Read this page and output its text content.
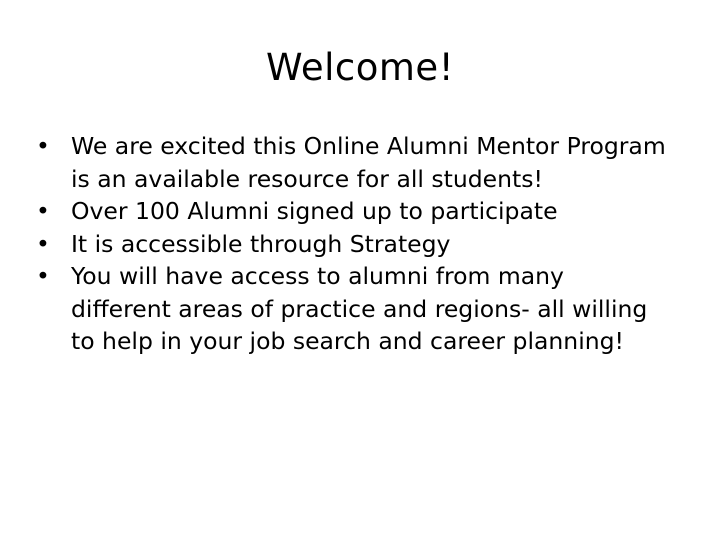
Welcome!
• We are excited this Online Alumni Mentor Program is an available resource for all students!
• Over 100 Alumni signed up to participate
• It is accessible through Strategy
• You will have access to alumni from many different areas of practice and regions- all willing to help in your job search and career planning!
